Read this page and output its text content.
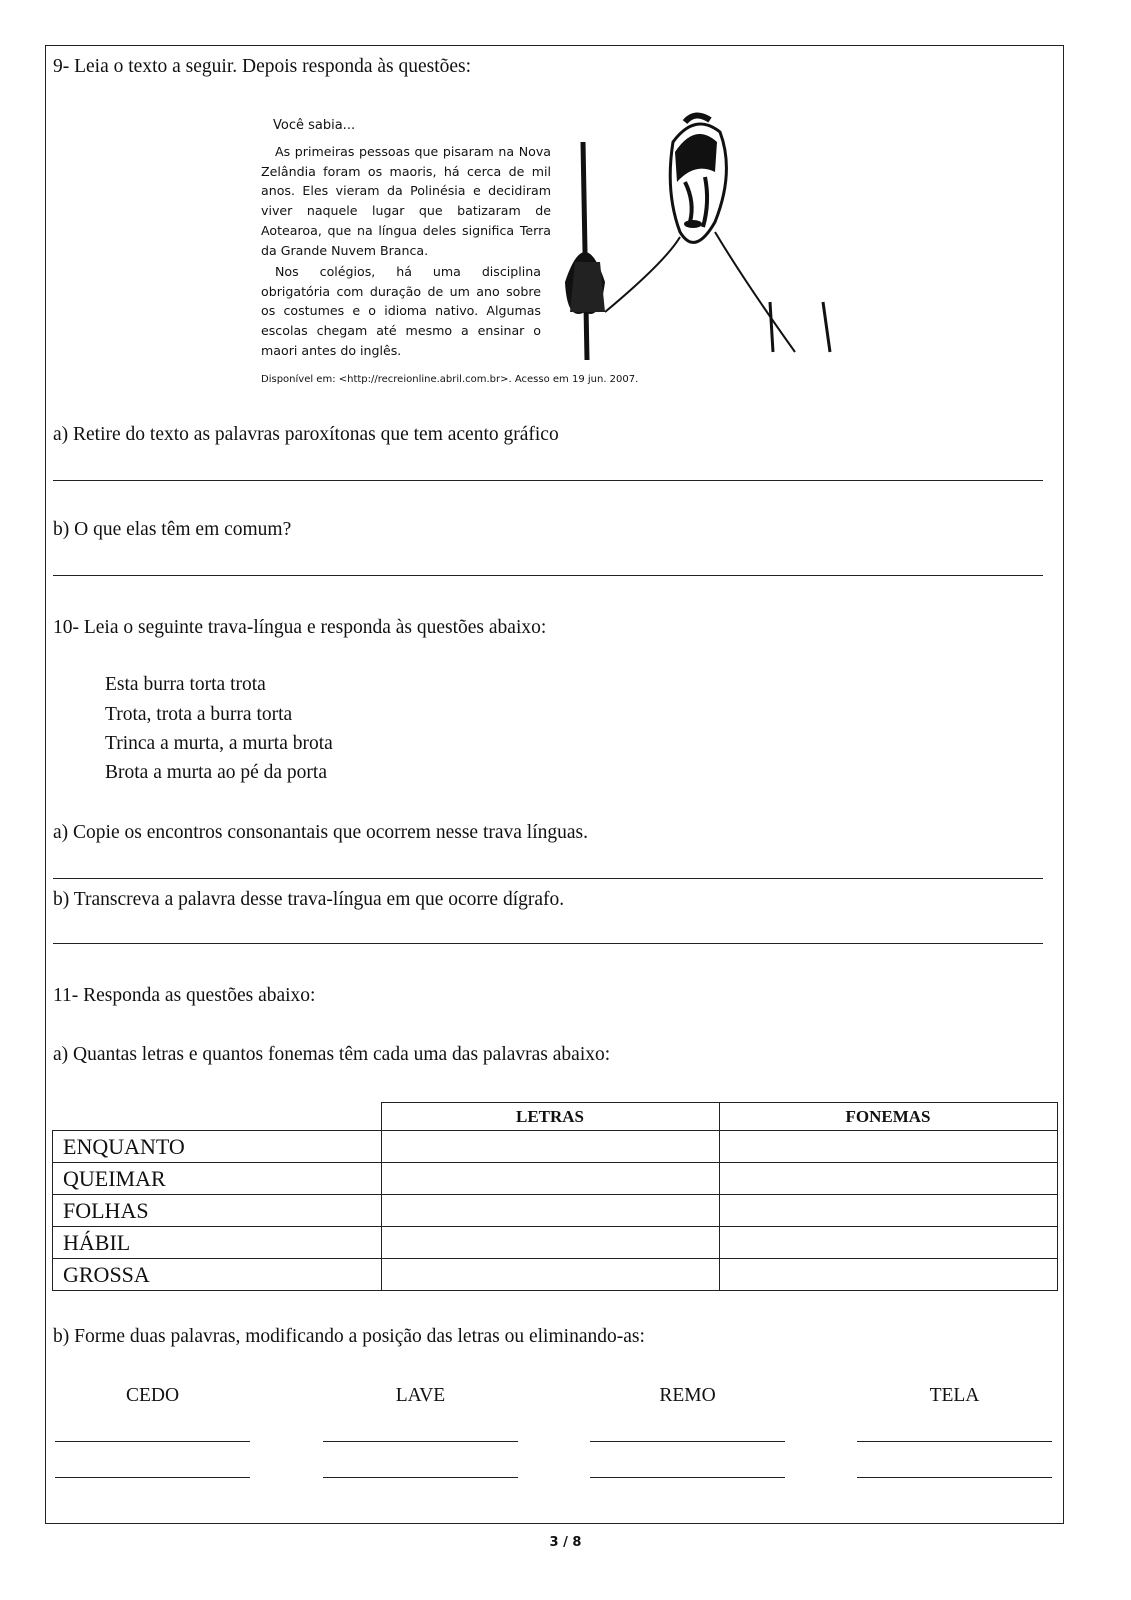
9- Leia o texto a seguir. Depois responda às questões:
Você sabia...

As primeiras pessoas que pisaram na Nova Zelândia foram os maoris, há cerca de mil anos. Eles vieram da Polinésia e decidiram viver naquele lugar que batizaram de Aotearoa, que na língua deles significa Terra da Grande Nuvem Branca.

Nos colégios, há uma disciplina obrigatória com duração de um ano sobre os costumes e o idioma nativo. Algumas escolas chegam até mesmo a ensinar o maori antes do inglês.

Disponível em: <http://recreionline.abril.com.br>. Acesso em 19 jun. 2007.
a) Retire do texto as palavras paroxítonas que tem acento gráfico
b) O que elas têm em comum?
10- Leia o seguinte trava-língua e responda às questões abaixo:
Esta burra torta trota
Trota, trota a burra torta
Trinca a murta, a murta brota
Brota a murta ao pé da porta
a) Copie os encontros consonantais que ocorrem nesse trava línguas.
b) Transcreva a palavra desse trava-língua em que ocorre dígrafo.
11- Responda as questões abaixo:
a) Quantas letras e quantos fonemas têm cada uma das palavras abaixo:
	LETRAS	FONEMAS
ENQUANTO		
QUEIMAR		
FOLHAS		
HÁBIL		
GROSSA		
b) Forme duas palavras, modificando a posição das letras ou eliminando-as:
CEDO	LAVE	REMO	TELA
3 / 8
